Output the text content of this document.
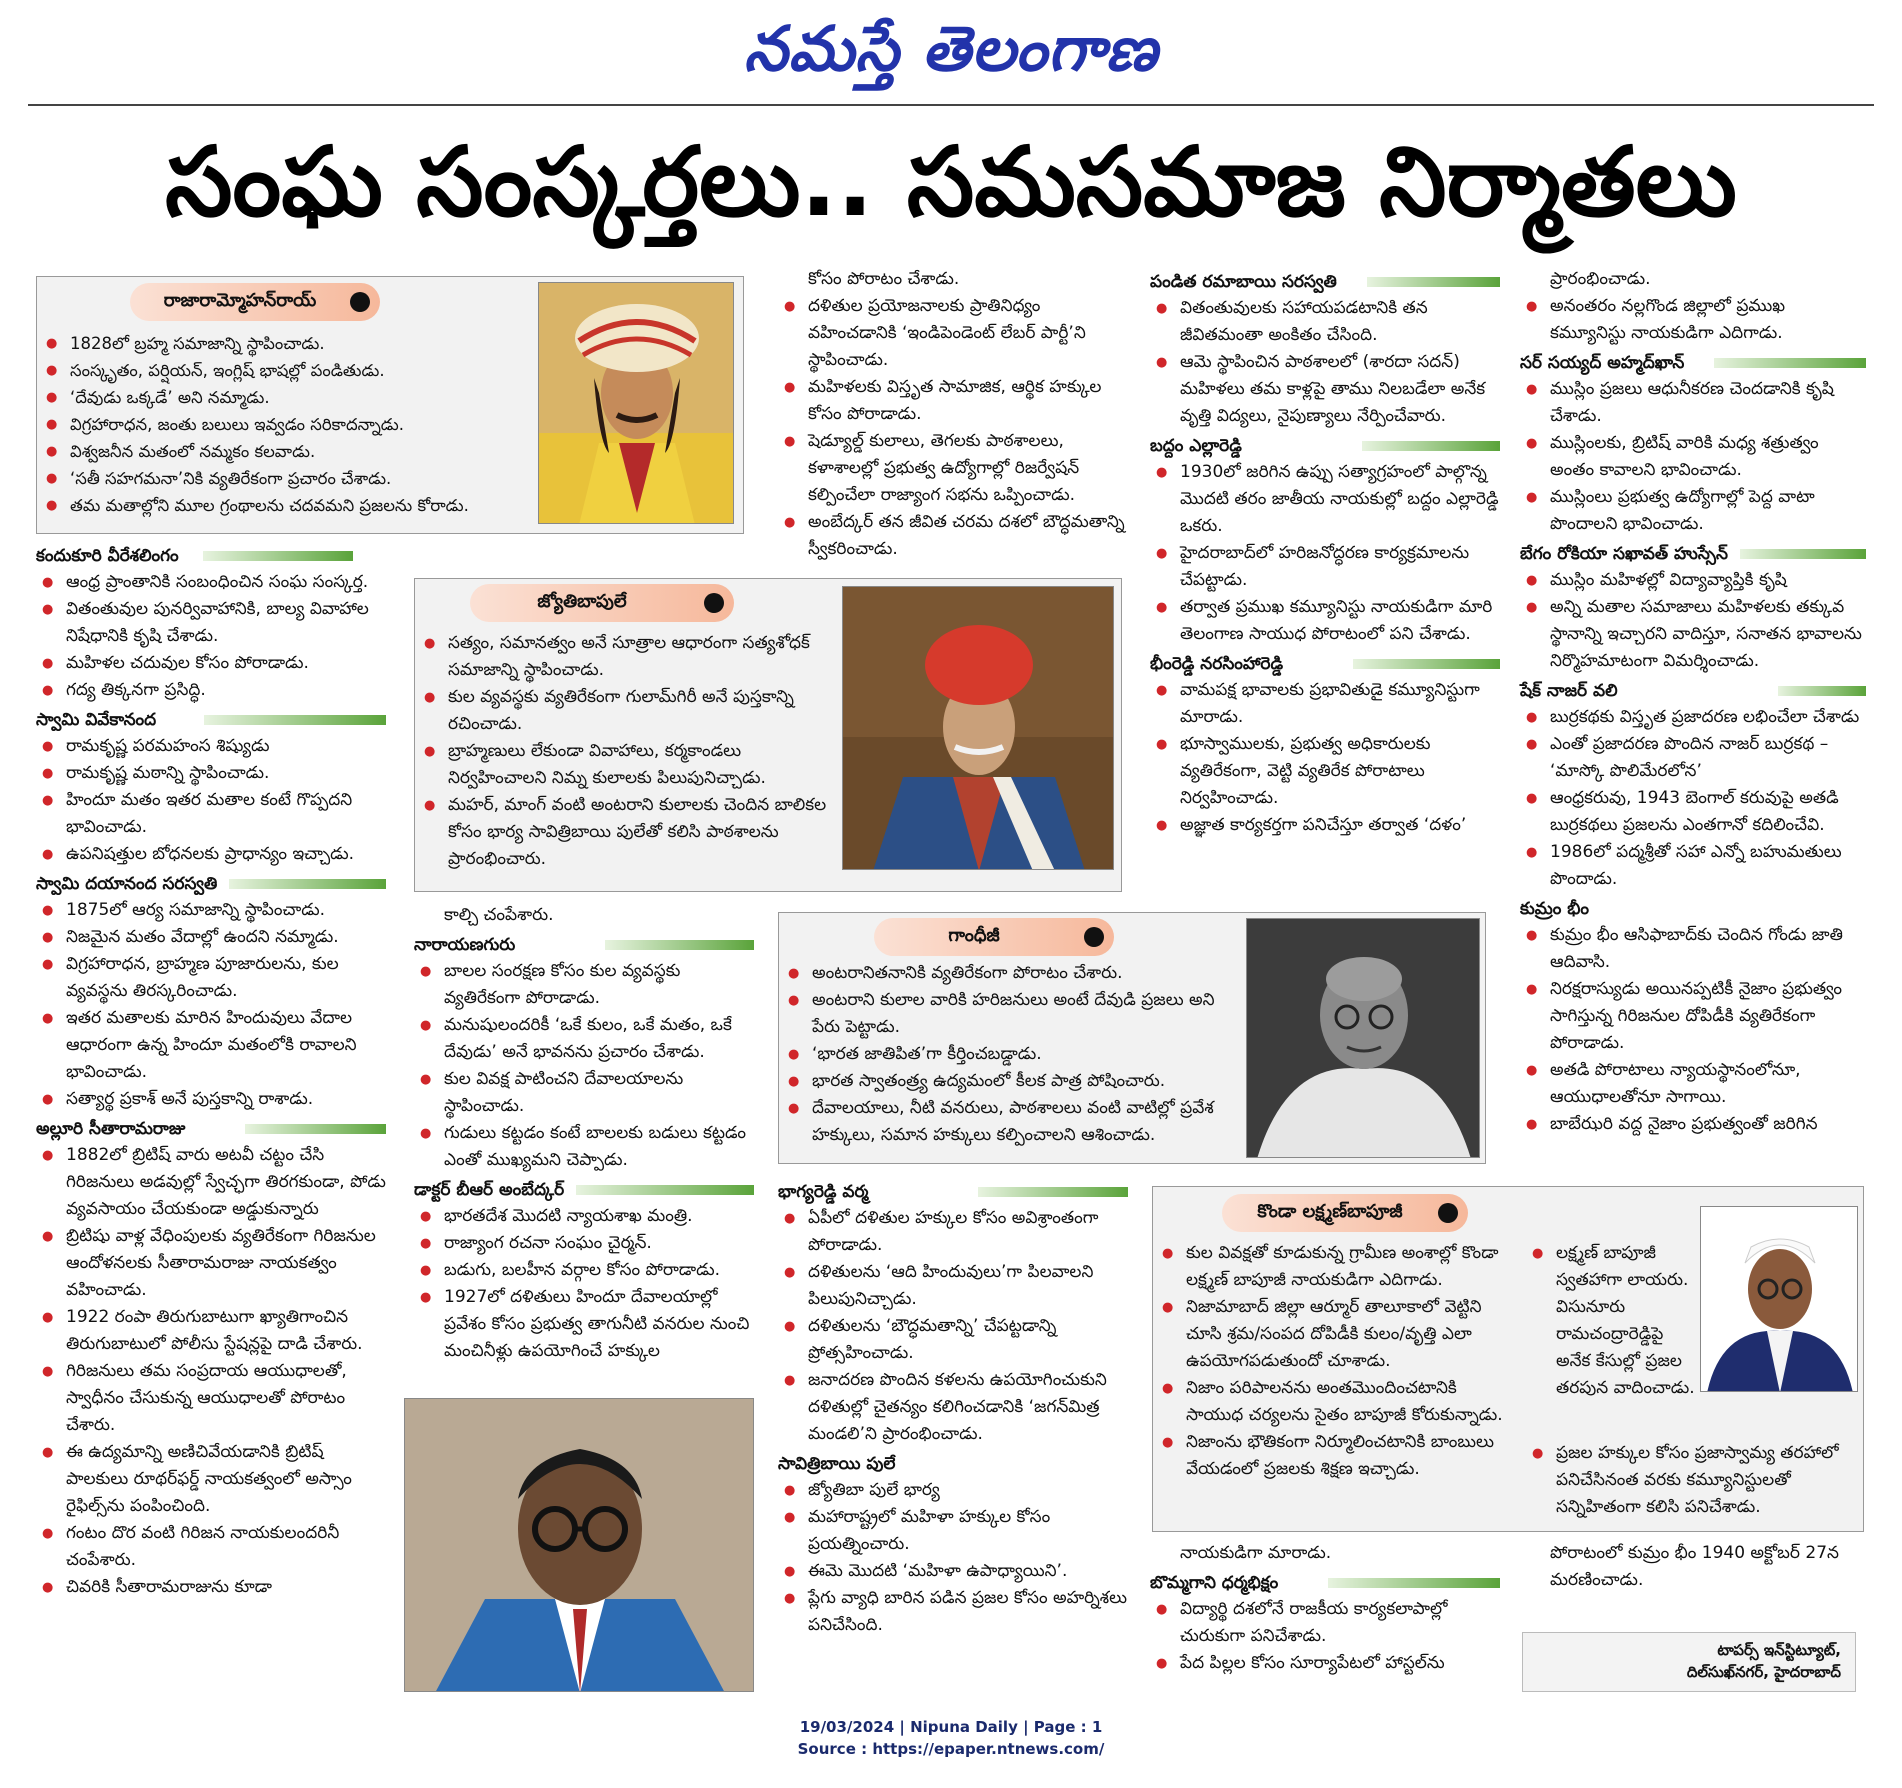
నమస్తే తెలంగాణ
సంఘ సంస్కర్తలు.. సమసమాజ నిర్మాతలు
రాజారామ్మోహన్‌రాయ్
● 1828లో బ్రహ్మ సమాజాన్ని స్థాపించాడు.
● సంస్కృతం, పర్షియన్, ఇంగ్లిష్ భాషల్లో పండితుడు.
● ‘దేవుడు ఒక్కడే’ అని నమ్మాడు.
● విగ్రహారాధన, జంతు బలులు ఇవ్వడం సరికాదన్నాడు.
● విశ్వజనీన మతంలో నమ్మకం కలవాడు.
● ‘సతీ సహగమనా’నికి వ్యతిరేకంగా ప్రచారం చేశాడు.
● తమ మతాల్లోని మూల గ్రంథాలను చదవమని ప్రజలను కోరాడు.
కందుకూరి వీరేశలింగం
● ఆంధ్ర ప్రాంతానికి సంబంధించిన సంఘ సంస్కర్త.
● వితంతువుల పునర్వివాహానికి, బాల్య వివాహాల నిషేధానికి కృషి చేశాడు.
● మహిళల చదువుల కోసం పోరాడాడు.
● గద్య తిక్కనగా ప్రసిద్ధి.
స్వామి వివేకానంద
● రామకృష్ణ పరమహంస శిష్యుడు
● రామకృష్ణ మఠాన్ని స్థాపించాడు.
● హిందూ మతం ఇతర మతాల కంటే గొప్పదని భావించాడు.
● ఉపనిషత్తుల బోధనలకు ప్రాధాన్యం ఇచ్చాడు.
స్వామి దయానంద సరస్వతి
● 1875లో ఆర్య సమాజాన్ని స్థాపించాడు.
● నిజమైన మతం వేదాల్లో ఉందని నమ్మాడు.
● విగ్రహారాధన, బ్రాహ్మణ పూజారులను, కుల వ్యవస్థను తిరస్కరించాడు.
● ఇతర మతాలకు మారిన హిందువులు వేదాల ఆధారంగా ఉన్న హిందూ మతంలోకి రావాలని భావించాడు.
● సత్యార్థ ప్రకాశ్ అనే పుస్తకాన్ని రాశాడు.
అల్లూరి సీతారామరాజు
● 1882లో బ్రిటిష్ వారు అటవీ చట్టం చేసి గిరిజనులు అడవుల్లో స్వేచ్ఛగా తిరగకుండా, పోడు వ్యవసాయం చేయకుండా అడ్డుకున్నారు
● బ్రిటిషు వాళ్ల వేధింపులకు వ్యతిరేకంగా గిరిజనుల ఆందోళనలకు సీతారామరాజు నాయకత్వం వహించాడు.
● 1922 రంపా తిరుగుబాటుగా ఖ్యాతిగాంచిన తిరుగుబాటులో పోలీసు స్టేషన్లపై దాడి చేశారు.
● గిరిజనులు తమ సంప్రదాయ ఆయుధాలతో, స్వాధీనం చేసుకున్న ఆయుధాలతో పోరాటం చేశారు.
● ఈ ఉద్యమాన్ని అణిచివేయడానికి బ్రిటిష్ పాలకులు రూథర్‌ఫర్డ్ నాయకత్వంలో అస్సాం రైఫిల్స్‌ను పంపించింది.
● గంటం దొర వంటి గిరిజన నాయకులందరినీ చంపేశారు.
● చివరికి సీతారామరాజును కూడా
జ్యోతిబాపులే
● సత్యం, సమానత్వం అనే సూత్రాల ఆధారంగా సత్యశోధక్ సమాజాన్ని స్థాపించాడు.
● కుల వ్యవస్థకు వ్యతిరేకంగా గులామ్‌గిరీ అనే పుస్తకాన్ని రచించాడు.
● బ్రాహ్మణులు లేకుండా వివాహాలు, కర్మకాండలు నిర్వహించాలని నిమ్న కులాలకు పిలుపునిచ్చాడు.
● మహర్, మాంగ్ వంటి అంటరాని కులాలకు చెందిన బాలికల కోసం భార్య సావిత్రిబాయి పులేతో కలిసి పాఠశాలను ప్రారంభించారు.
కాల్చి చంపేశారు.
నారాయణగురు
● బాలల సంరక్షణ కోసం కుల వ్యవస్థకు వ్యతిరేకంగా పోరాడాడు.
● మనుషులందరికీ ‘ఒకే కులం, ఒకే మతం, ఒకే దేవుడు’ అనే భావనను ప్రచారం చేశాడు.
● కుల వివక్ష పాటించని దేవాలయాలను స్థాపించాడు.
● గుడులు కట్టడం కంటే బాలలకు బడులు కట్టడం ఎంతో ముఖ్యమని చెప్పాడు.
డాక్టర్ బీఆర్ అంబేద్కర్
● భారతదేశ మొదటి న్యాయశాఖ మంత్రి.
● రాజ్యాంగ రచనా సంఘం చైర్మన్.
● బడుగు, బలహీన వర్గాల కోసం పోరాడాడు.
● 1927లో దళితులు హిందూ దేవాలయాల్లో ప్రవేశం కోసం ప్రభుత్వ తాగునీటి వనరుల నుంచి మంచినీళ్లు ఉపయోగించే హక్కుల
కోసం పోరాటం చేశాడు.
● దళితుల ప్రయోజనాలకు ప్రాతినిధ్యం వహించడానికి ‘ఇండిపెండెంట్ లేబర్ పార్టీ’ని స్థాపించాడు.
● మహిళలకు విస్తృత సామాజిక, ఆర్థిక హక్కుల కోసం పోరాడాడు.
● షెడ్యూల్డ్ కులాలు, తెగలకు పాఠశాలలు, కళాశాలల్లో ప్రభుత్వ ఉద్యోగాల్లో రిజర్వేషన్ కల్పించేలా రాజ్యాంగ సభను ఒప్పించాడు.
● అంబేద్కర్ తన జీవిత చరమ దశలో బౌద్ధమతాన్ని స్వీకరించాడు.
గాంధీజీ
● అంటరానితనానికి వ్యతిరేకంగా పోరాటం చేశారు.
● అంటరాని కులాల వారికి హరిజనులు అంటే దేవుడి ప్రజలు అని పేరు పెట్టాడు.
● ‘భారత జాతిపిత’గా కీర్తించబడ్డాడు.
● భారత స్వాతంత్ర్య ఉద్యమంలో కీలక పాత్ర పోషించారు.
● దేవాలయాలు, నీటి వనరులు, పాఠశాలలు వంటి వాటిల్లో ప్రవేశ హక్కులు, సమాన హక్కులు కల్పించాలని ఆశించాడు.
భాగ్యరెడ్డి వర్మ
● ఏపీలో దళితుల హక్కుల కోసం అవిశ్రాంతంగా పోరాడాడు.
● దళితులను ‘ఆది హిందువులు’గా పిలవాలని పిలుపునిచ్చాడు.
● దళితులను ‘బౌద్ధమతాన్ని’ చేపట్టడాన్ని ప్రోత్సహించాడు.
● జనాదరణ పొందిన కళలను ఉపయోగించుకుని దళితుల్లో చైతన్యం కలిగించడానికి ‘జగన్‌మిత్ర మండలి’ని ప్రారంభించాడు.
సావిత్రిబాయి పులే
● జ్యోతిబా పులే భార్య
● మహారాష్ట్రలో మహిళా హక్కుల కోసం ప్రయత్నించారు.
● ఈమె మొదటి ‘మహిళా ఉపాధ్యాయిని’.
● ప్లేగు వ్యాధి బారిన పడిన ప్రజల కోసం అహర్నిశలు పనిచేసింది.
పండిత రమాబాయి సరస్వతి
● వితంతువులకు సహాయపడటానికి తన జీవితమంతా అంకితం చేసింది.
● ఆమె స్థాపించిన పాఠశాలలో (శారదా సదన్) మహిళలు తమ కాళ్లపై తాము నిలబడేలా అనేక వృత్తి విద్యలు, నైపుణ్యాలు నేర్పించేవారు.
బద్దం ఎల్లారెడ్డి
● 1930లో జరిగిన ఉప్పు సత్యాగ్రహంలో పాల్గొన్న మొదటి తరం జాతీయ నాయకుల్లో బద్దం ఎల్లారెడ్డి ఒకరు.
● హైదరాబాద్‌లో హరిజనోద్ధరణ కార్యక్రమాలను చేపట్టాడు.
● తర్వాత ప్రముఖ కమ్యూనిస్టు నాయకుడిగా మారి తెలంగాణ సాయుధ పోరాటంలో పని చేశాడు.
భీంరెడ్డి నరసింహారెడ్డి
● వామపక్ష భావాలకు ప్రభావితుడై కమ్యూనిస్టుగా మారాడు.
● భూస్వాములకు, ప్రభుత్వ అధికారులకు వ్యతిరేకంగా, వెట్టి వ్యతిరేక పోరాటాలు నిర్వహించాడు.
● అజ్ఞాత కార్యకర్తగా పనిచేస్తూ తర్వాత ‘దళం’
ప్రారంభించాడు.
● అనంతరం నల్లగొండ జిల్లాలో ప్రముఖ కమ్యూనిస్టు నాయకుడిగా ఎదిగాడు.
సర్ సయ్యద్ అహ్మద్‌ఖాన్
● ముస్లిం ప్రజలు ఆధునీకరణ చెందడానికి కృషి చేశాడు.
● ముస్లింలకు, బ్రిటిష్ వారికి మధ్య శత్రుత్వం అంతం కావాలని భావించాడు.
● ముస్లింలు ప్రభుత్వ ఉద్యోగాల్లో పెద్ద వాటా పొందాలని భావించాడు.
బేగం రోకియా సఖావత్ హుస్సేన్
● ముస్లిం మహిళల్లో విద్యావ్యాప్తికి కృషి
● అన్ని మతాల సమాజాలు మహిళలకు తక్కువ స్థానాన్ని ఇచ్చారని వాదిస్తూ, సనాతన భావాలను నిర్మొహమాటంగా విమర్శించాడు.
షేక్ నాజర్ వలి
● బుర్రకథకు విస్తృత ప్రజాదరణ లభించేలా చేశాడు
● ఎంతో ప్రజాదరణ పొందిన నాజర్ బుర్రకథ – ‘మాస్కో పొలిమేరలోన’
● ఆంధ్రకరువు, 1943 బెంగాల్ కరువుపై అతడి బుర్రకథలు ప్రజలను ఎంతగానో కదిలించేవి.
● 1986లో పద్మశ్రీతో సహా ఎన్నో బహుమతులు పొందాడు.
కుమ్రం భీం
● కుమ్రం భీం ఆసిఫాబాద్‌కు చెందిన గోండు జాతి ఆదివాసి.
● నిరక్షరాస్యుడు అయినప్పటికీ నైజాం ప్రభుత్వం సాగిస్తున్న గిరిజనుల దోపిడీకి వ్యతిరేకంగా పోరాడాడు.
● అతడి పోరాటాలు న్యాయస్థానంలోనూ, ఆయుధాలతోనూ సాగాయి.
● బాబేఝరి వద్ద నైజాం ప్రభుత్వంతో జరిగిన
కొండా లక్ష్మణ్‌బాపూజీ
● కుల వివక్షతో కూడుకున్న గ్రామీణ అంశాల్లో కొండా లక్ష్మణ్ బాపూజీ నాయకుడిగా ఎదిగాడు.
● నిజామాబాద్ జిల్లా ఆర్మూర్ తాలూకాలో వెట్టిని చూసి శ్రమ/సంపద దోపిడీకి కులం/వృత్తి ఎలా ఉపయోగపడుతుందో చూశాడు.
● నిజాం పరిపాలనను అంతమొందించటానికి సాయుధ చర్యలను సైతం బాపూజీ కోరుకున్నాడు.
● నిజాంను భౌతికంగా నిర్మూలించటానికి బాంబులు వేయడంలో ప్రజలకు శిక్షణ ఇచ్చాడు.
● లక్ష్మణ్ బాపూజీ స్వతహాగా లాయరు. విసునూరు రామచంద్రారెడ్డిపై అనేక కేసుల్లో ప్రజల తరపున వాదించాడు.
● ప్రజల హక్కుల కోసం ప్రజాస్వామ్య తరహాలో పనిచేసినంత వరకు కమ్యూనిస్టులతో సన్నిహితంగా కలిసి పనిచేశాడు.
నాయకుడిగా మారాడు.
బొమ్మగాని ధర్మభిక్షం
● విద్యార్థి దశలోనే రాజకీయ కార్యకలాపాల్లో చురుకుగా పనిచేశాడు.
● పేద పిల్లల కోసం సూర్యాపేటలో హాస్టల్‌ను
పోరాటంలో కుమ్రం భీం 1940 అక్టోబర్ 27న మరణించాడు.
టాపర్స్ ఇన్‌స్టిట్యూట్,
దిల్‌సుఖ్‌నగర్, హైదరాబాద్
19/03/2024 | Nipuna Daily | Page : 1
Source : https://epaper.ntnews.com/
